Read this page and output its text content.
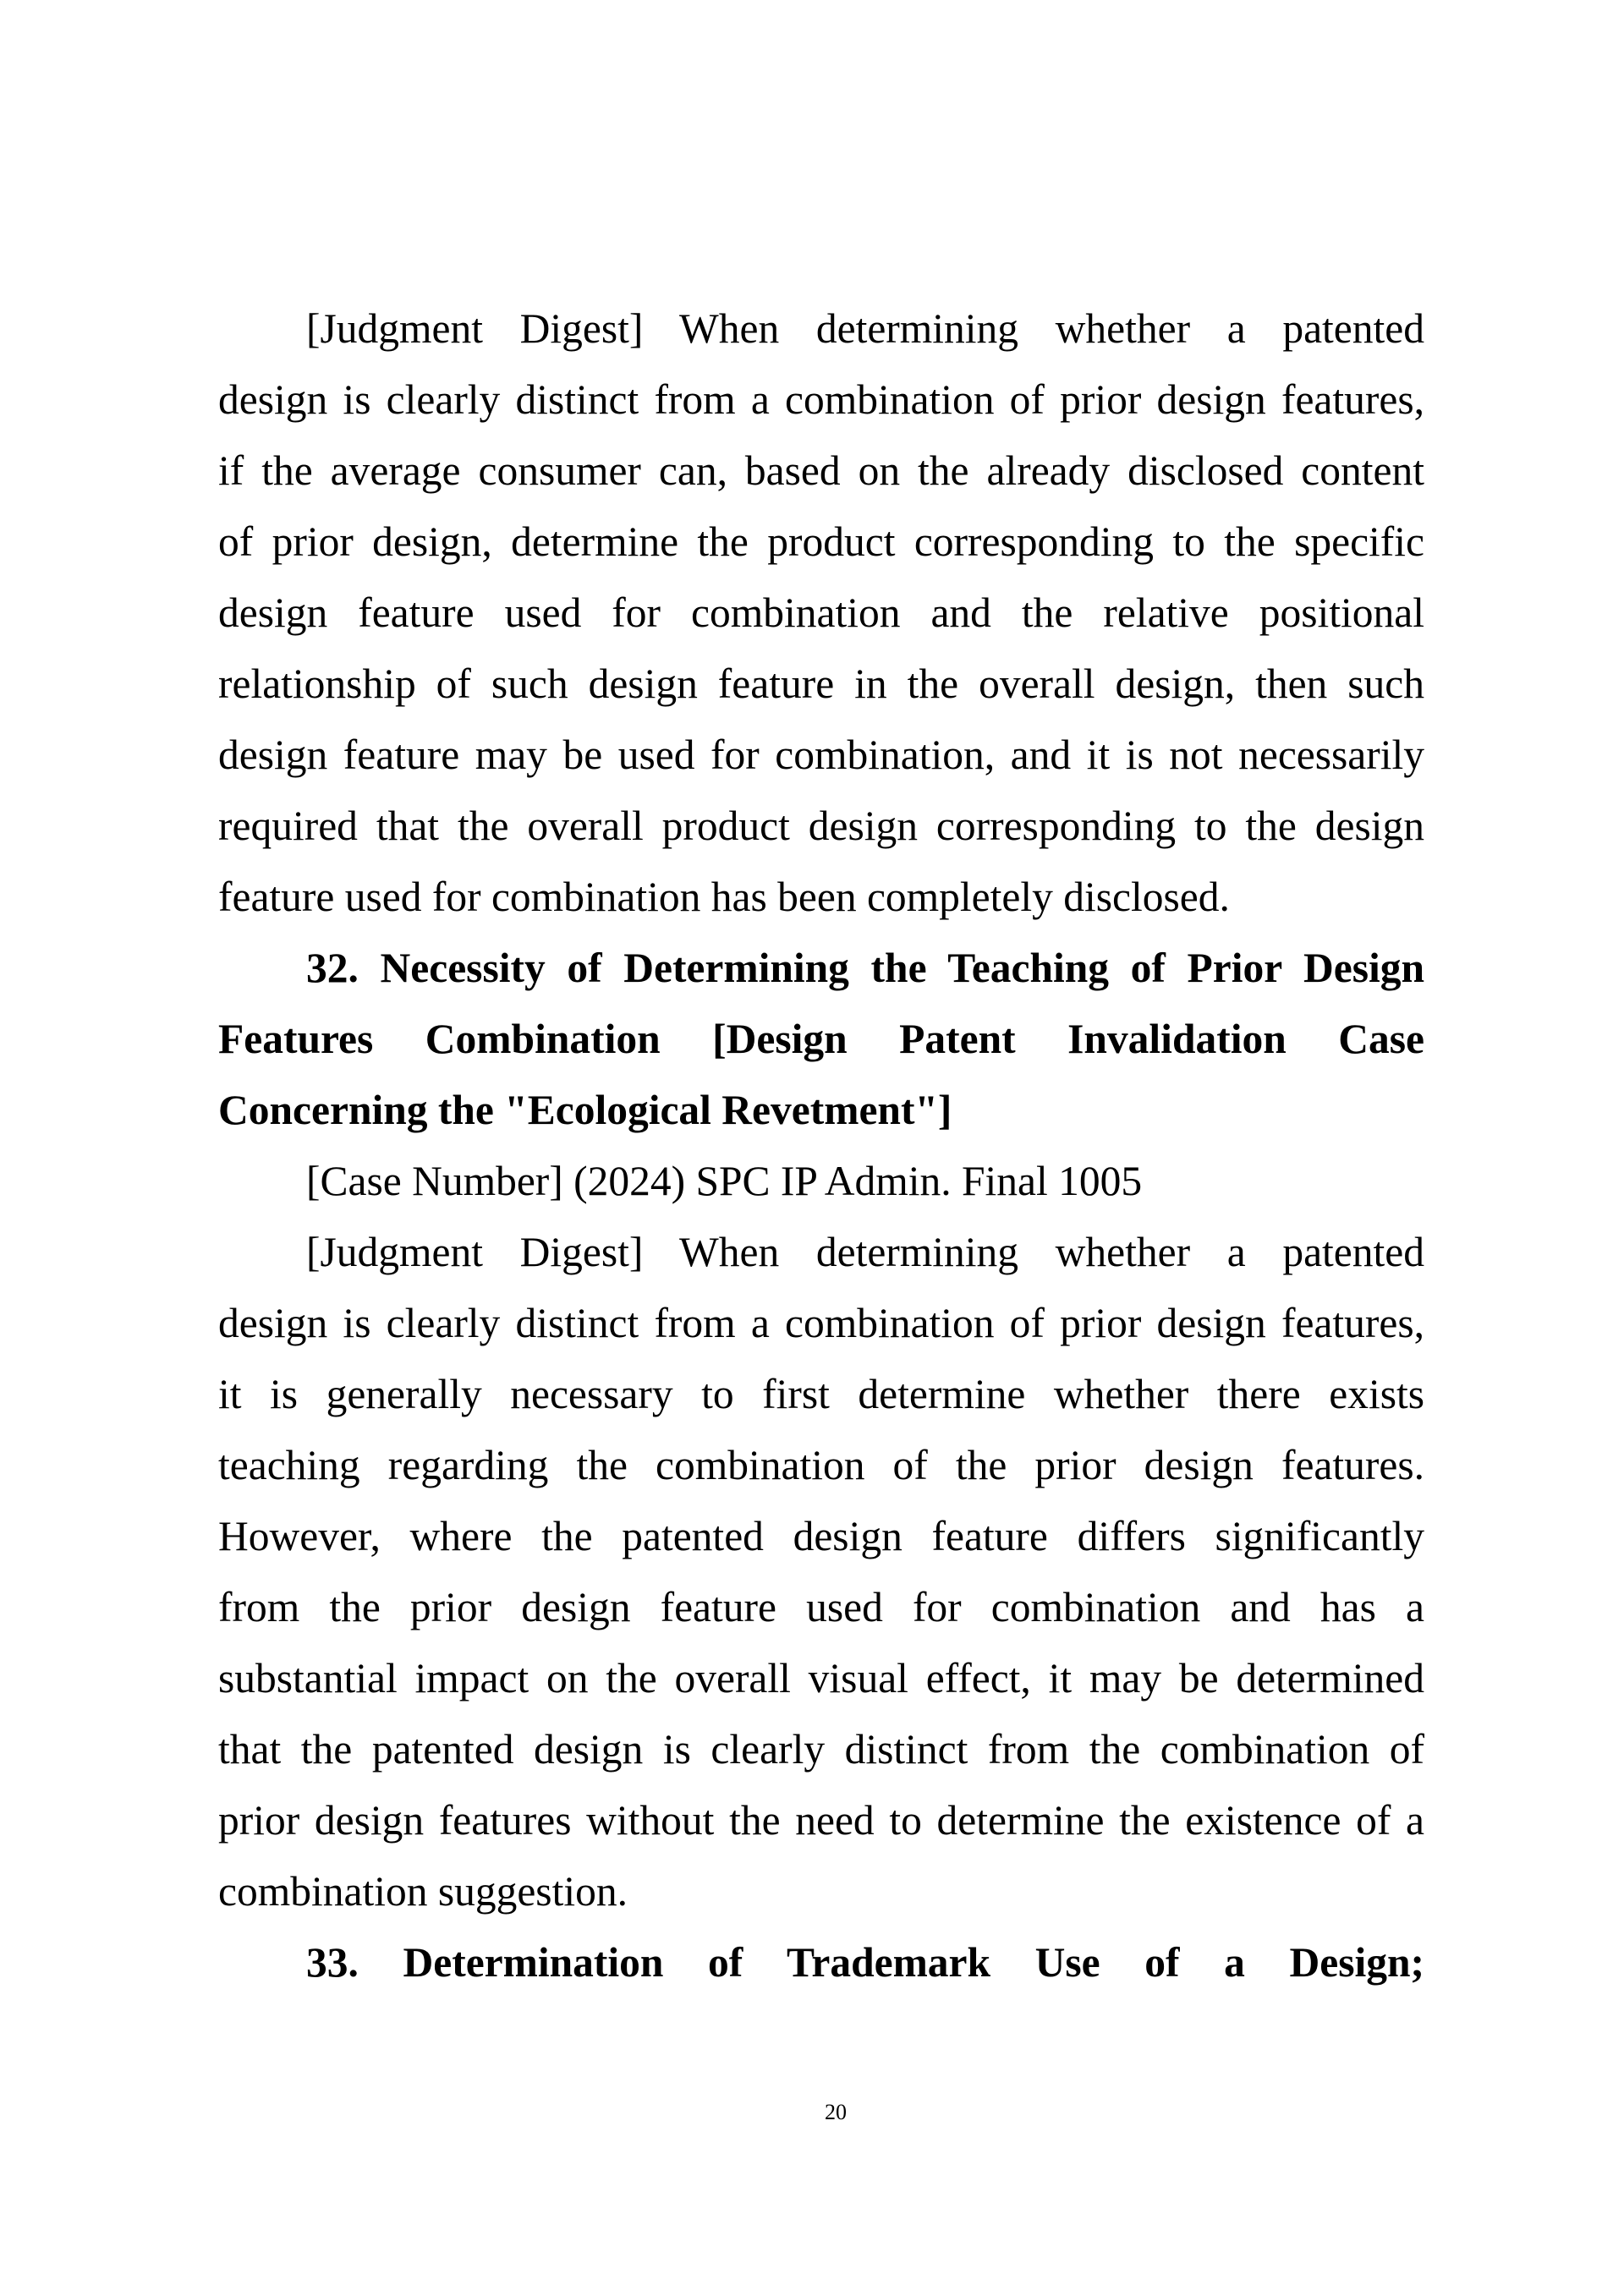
[Judgment Digest] When determining whether a patented
design is clearly distinct from a combination of prior design features,
if the average consumer can, based on the already disclosed content
of prior design, determine the product corresponding to the specific
design feature used for combination and the relative positional
relationship of such design feature in the overall design, then such
design feature may be used for combination, and it is not necessarily
required that the overall product design corresponding to the design
feature used for combination has been completely disclosed.
32. Necessity of Determining the Teaching of Prior Design
Features Combination [Design Patent Invalidation Case
Concerning the "Ecological Revetment"]
[Case Number] (2024) SPC IP Admin. Final 1005
[Judgment Digest] When determining whether a patented
design is clearly distinct from a combination of prior design features,
it is generally necessary to first determine whether there exists
teaching regarding the combination of the prior design features.
However, where the patented design feature differs significantly
from the prior design feature used for combination and has a
substantial impact on the overall visual effect, it may be determined
that the patented design is clearly distinct from the combination of
prior design features without the need to determine the existence of a
combination suggestion.
33. Determination of Trademark Use of a Design;
20
